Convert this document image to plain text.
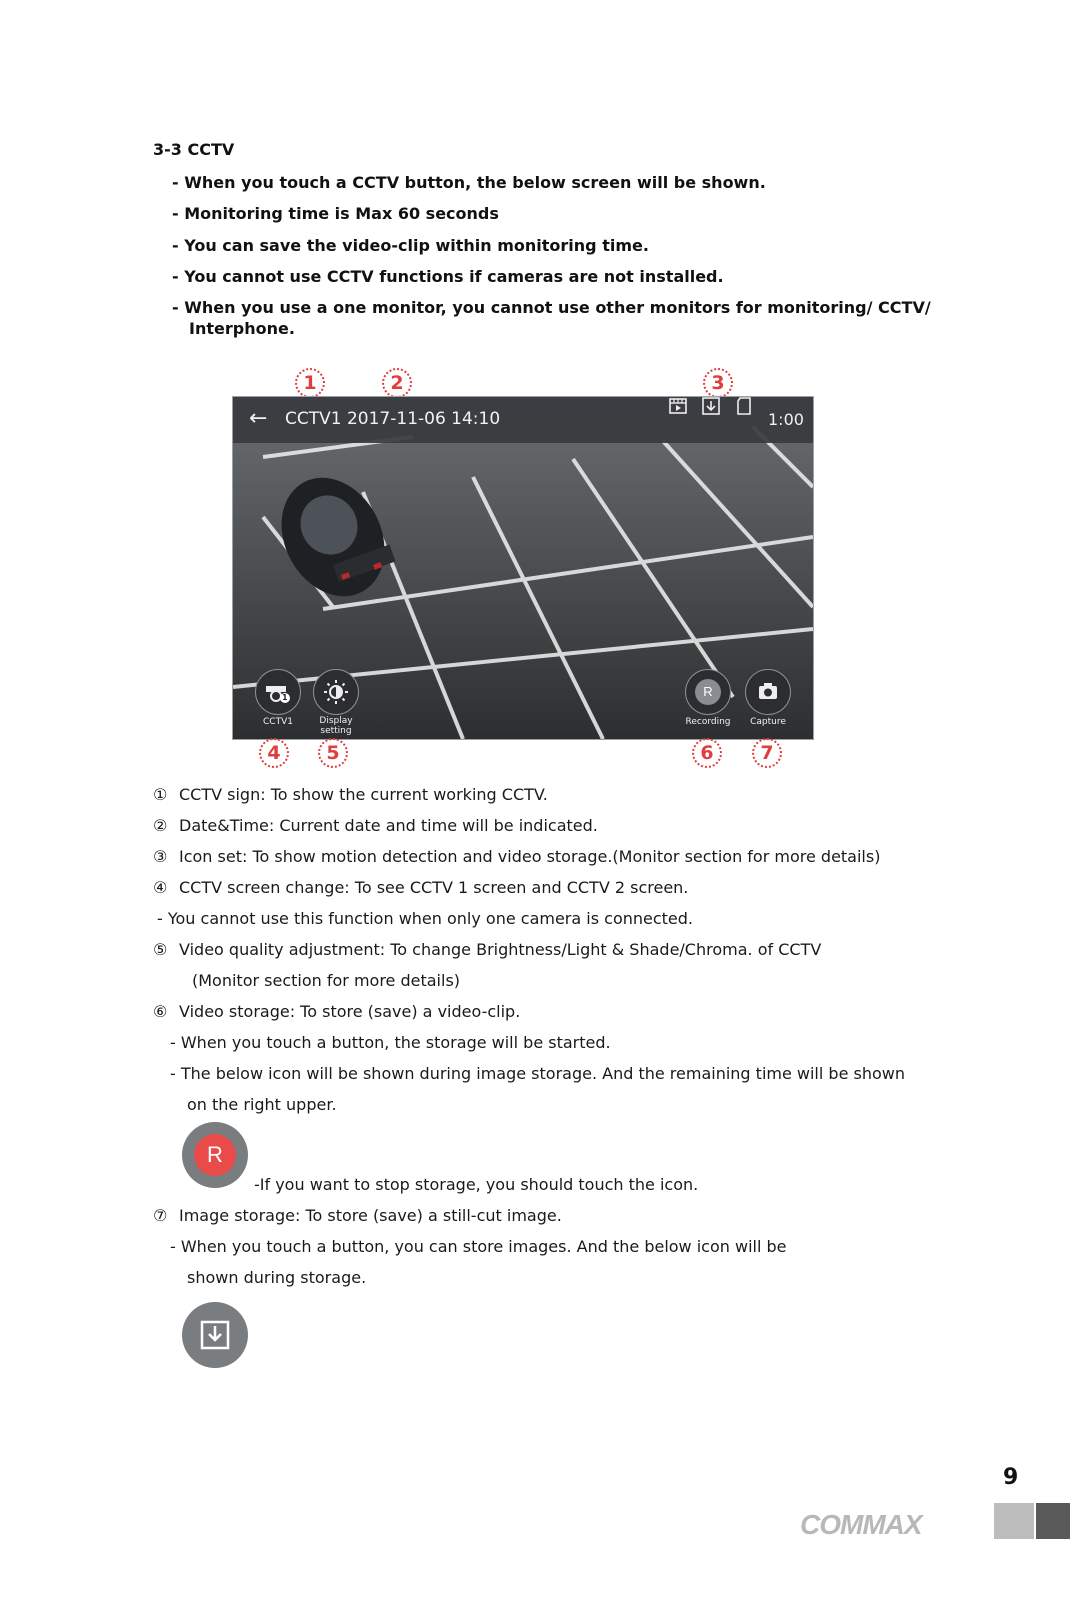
3-3 CCTV
- When you touch a CCTV button, the below screen will be shown.
- Monitoring time is Max 60 seconds
- You can save the video-clip within monitoring time.
- You cannot use CCTV functions if cameras are not installed.
- When you use a one monitor, you cannot use other monitors for monitoring/ CCTV/
Interphone.
1	2	3
← CCTV1 2017-11-06 14:10	1:00
1
CCTV1	Display
setting
R
Recording	Capture
4	5	6	7
① CCTV sign: To show the current working CCTV.
② Date&Time: Current date and time will be indicated.
③ Icon set: To show motion detection and video storage.(Monitor section for more details)
④ CCTV screen change: To see CCTV 1 screen and CCTV 2 screen.
- You cannot use this function when only one camera is connected.
⑤ Video quality adjustment: To change Brightness/Light & Shade/Chroma. of CCTV
(Monitor section for more details)
⑥ Video storage: To store (save) a video-clip.
- When you touch a button, the storage will be started.
- The below icon will be shown during image storage. And the remaining time will be shown
on the right upper.
R
-If you want to stop storage, you should touch the icon.
⑦ Image storage: To store (save) a still-cut image.
- When you touch a button, you can store images. And the below icon will be
shown during storage.
9
COMMAX
